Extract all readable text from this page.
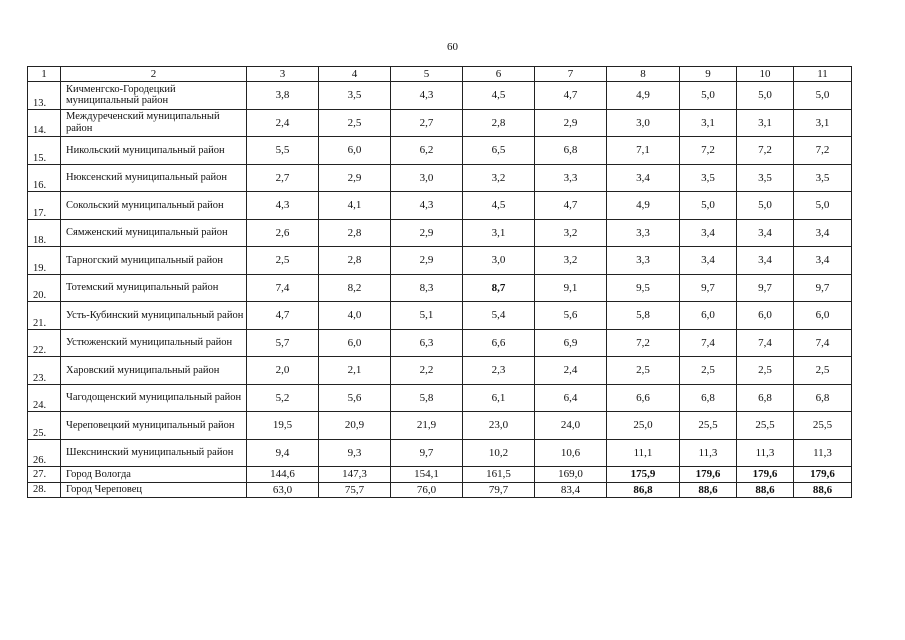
60
1	2	3	4	5	6	7	8	9	10	11
13.	Кичменгско-Городецкий муниципальный район	3,8	3,5	4,3	4,5	4,7	4,9	5,0	5,0	5,0
14.	Междуреченский муниципальный район	2,4	2,5	2,7	2,8	2,9	3,0	3,1	3,1	3,1
15.	Никольский муниципальный район	5,5	6,0	6,2	6,5	6,8	7,1	7,2	7,2	7,2
16.	Нюксенский муниципальный район	2,7	2,9	3,0	3,2	3,3	3,4	3,5	3,5	3,5
17.	Сокольский муниципальный район	4,3	4,1	4,3	4,5	4,7	4,9	5,0	5,0	5,0
18.	Сямженский муниципальный район	2,6	2,8	2,9	3,1	3,2	3,3	3,4	3,4	3,4
19.	Тарногский муниципальный район	2,5	2,8	2,9	3,0	3,2	3,3	3,4	3,4	3,4
20.	Тотемский муниципальный район	7,4	8,2	8,3	8,7	9,1	9,5	9,7	9,7	9,7
21.	Усть-Кубинский муниципальный район	4,7	4,0	5,1	5,4	5,6	5,8	6,0	6,0	6,0
22.	Устюженский муниципальный район	5,7	6,0	6,3	6,6	6,9	7,2	7,4	7,4	7,4
23.	Харовский муниципальный район	2,0	2,1	2,2	2,3	2,4	2,5	2,5	2,5	2,5
24.	Чагодощенский муниципальный район	5,2	5,6	5,8	6,1	6,4	6,6	6,8	6,8	6,8
25.	Череповецкий муниципальный район	19,5	20,9	21,9	23,0	24,0	25,0	25,5	25,5	25,5
26.	Шекснинский муниципальный район	9,4	9,3	9,7	10,2	10,6	11,1	11,3	11,3	11,3
27.	Город Вологда	144,6	147,3	154,1	161,5	169,0	175,9	179,6	179,6	179,6
28.	Город Череповец	63,0	75,7	76,0	79,7	83,4	86,8	88,6	88,6	88,6
